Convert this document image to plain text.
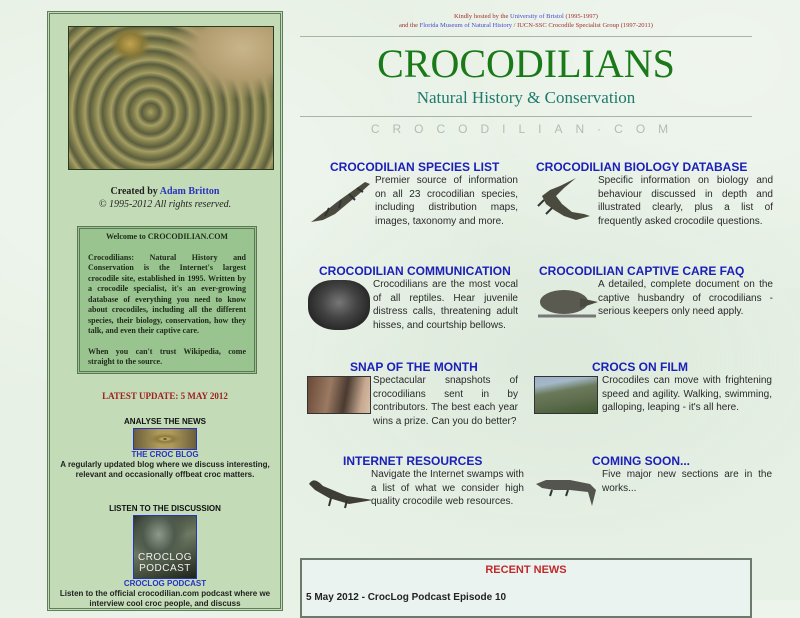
Created by Adam Britton
© 1995-2012 All rights reserved.
Welcome to CROCODILIAN.COM

Crocodilians: Natural History and Conservation is the Internet's largest crocodile site, established in 1995. Written by a crocodile specialist, it's an ever-growing database of everything you need to know about crocodiles, including all the different species, their biology, conservation, how they talk, and even their captive care.

When you can't trust Wikipedia, come straight to the source.

LATEST UPDATE: 5 MAY 2012
ANALYSE THE NEWS
THE CROC BLOG
A regularly updated blog where we discuss interesting, relevant and occasionally offbeat croc matters.
LISTEN TO THE DISCUSSION
CROCLOG
PODCAST
CROCLOG PODCAST
Listen to the official crocodilian.com podcast where we interview cool croc people, and discuss
Kindly hosted by the University of Bristol (1995-1997)
and the Florida Museum of Natural History / IUCN-SSC Crocodile Specialist Group (1997-2011)
CROCODILIANS
Natural History & Conservation
CROCODILIAN·COM
CROCODILIAN SPECIES LIST
Premier source of information on all 23 crocodilian species, including distribution maps, images, taxonomy and more.
CROCODILIAN BIOLOGY DATABASE
Specific information on biology and behaviour discussed in depth and illustrated clearly, plus a list of frequently asked crocodile questions.
CROCODILIAN COMMUNICATION
Crocodilians are the most vocal of all reptiles. Hear juvenile distress calls, threatening adult hisses, and courtship bellows.
CROCODILIAN CAPTIVE CARE FAQ
A detailed, complete document on the captive husbandry of crocodilians - serious keepers only need apply.
SNAP OF THE MONTH
Spectacular snapshots of crocodilians sent in by contributors. The best each year wins a prize. Can you do better?
CROCS ON FILM
Crocodiles can move with frightening speed and agility. Walking, swimming, galloping, leaping - it's all here.
INTERNET RESOURCES
Navigate the Internet swamps with a list of what we consider high quality crocodile web resources.
COMING SOON...
Five major new sections are in the works...
RECENT NEWS
5 May 2012 - CrocLog Podcast Episode 10
